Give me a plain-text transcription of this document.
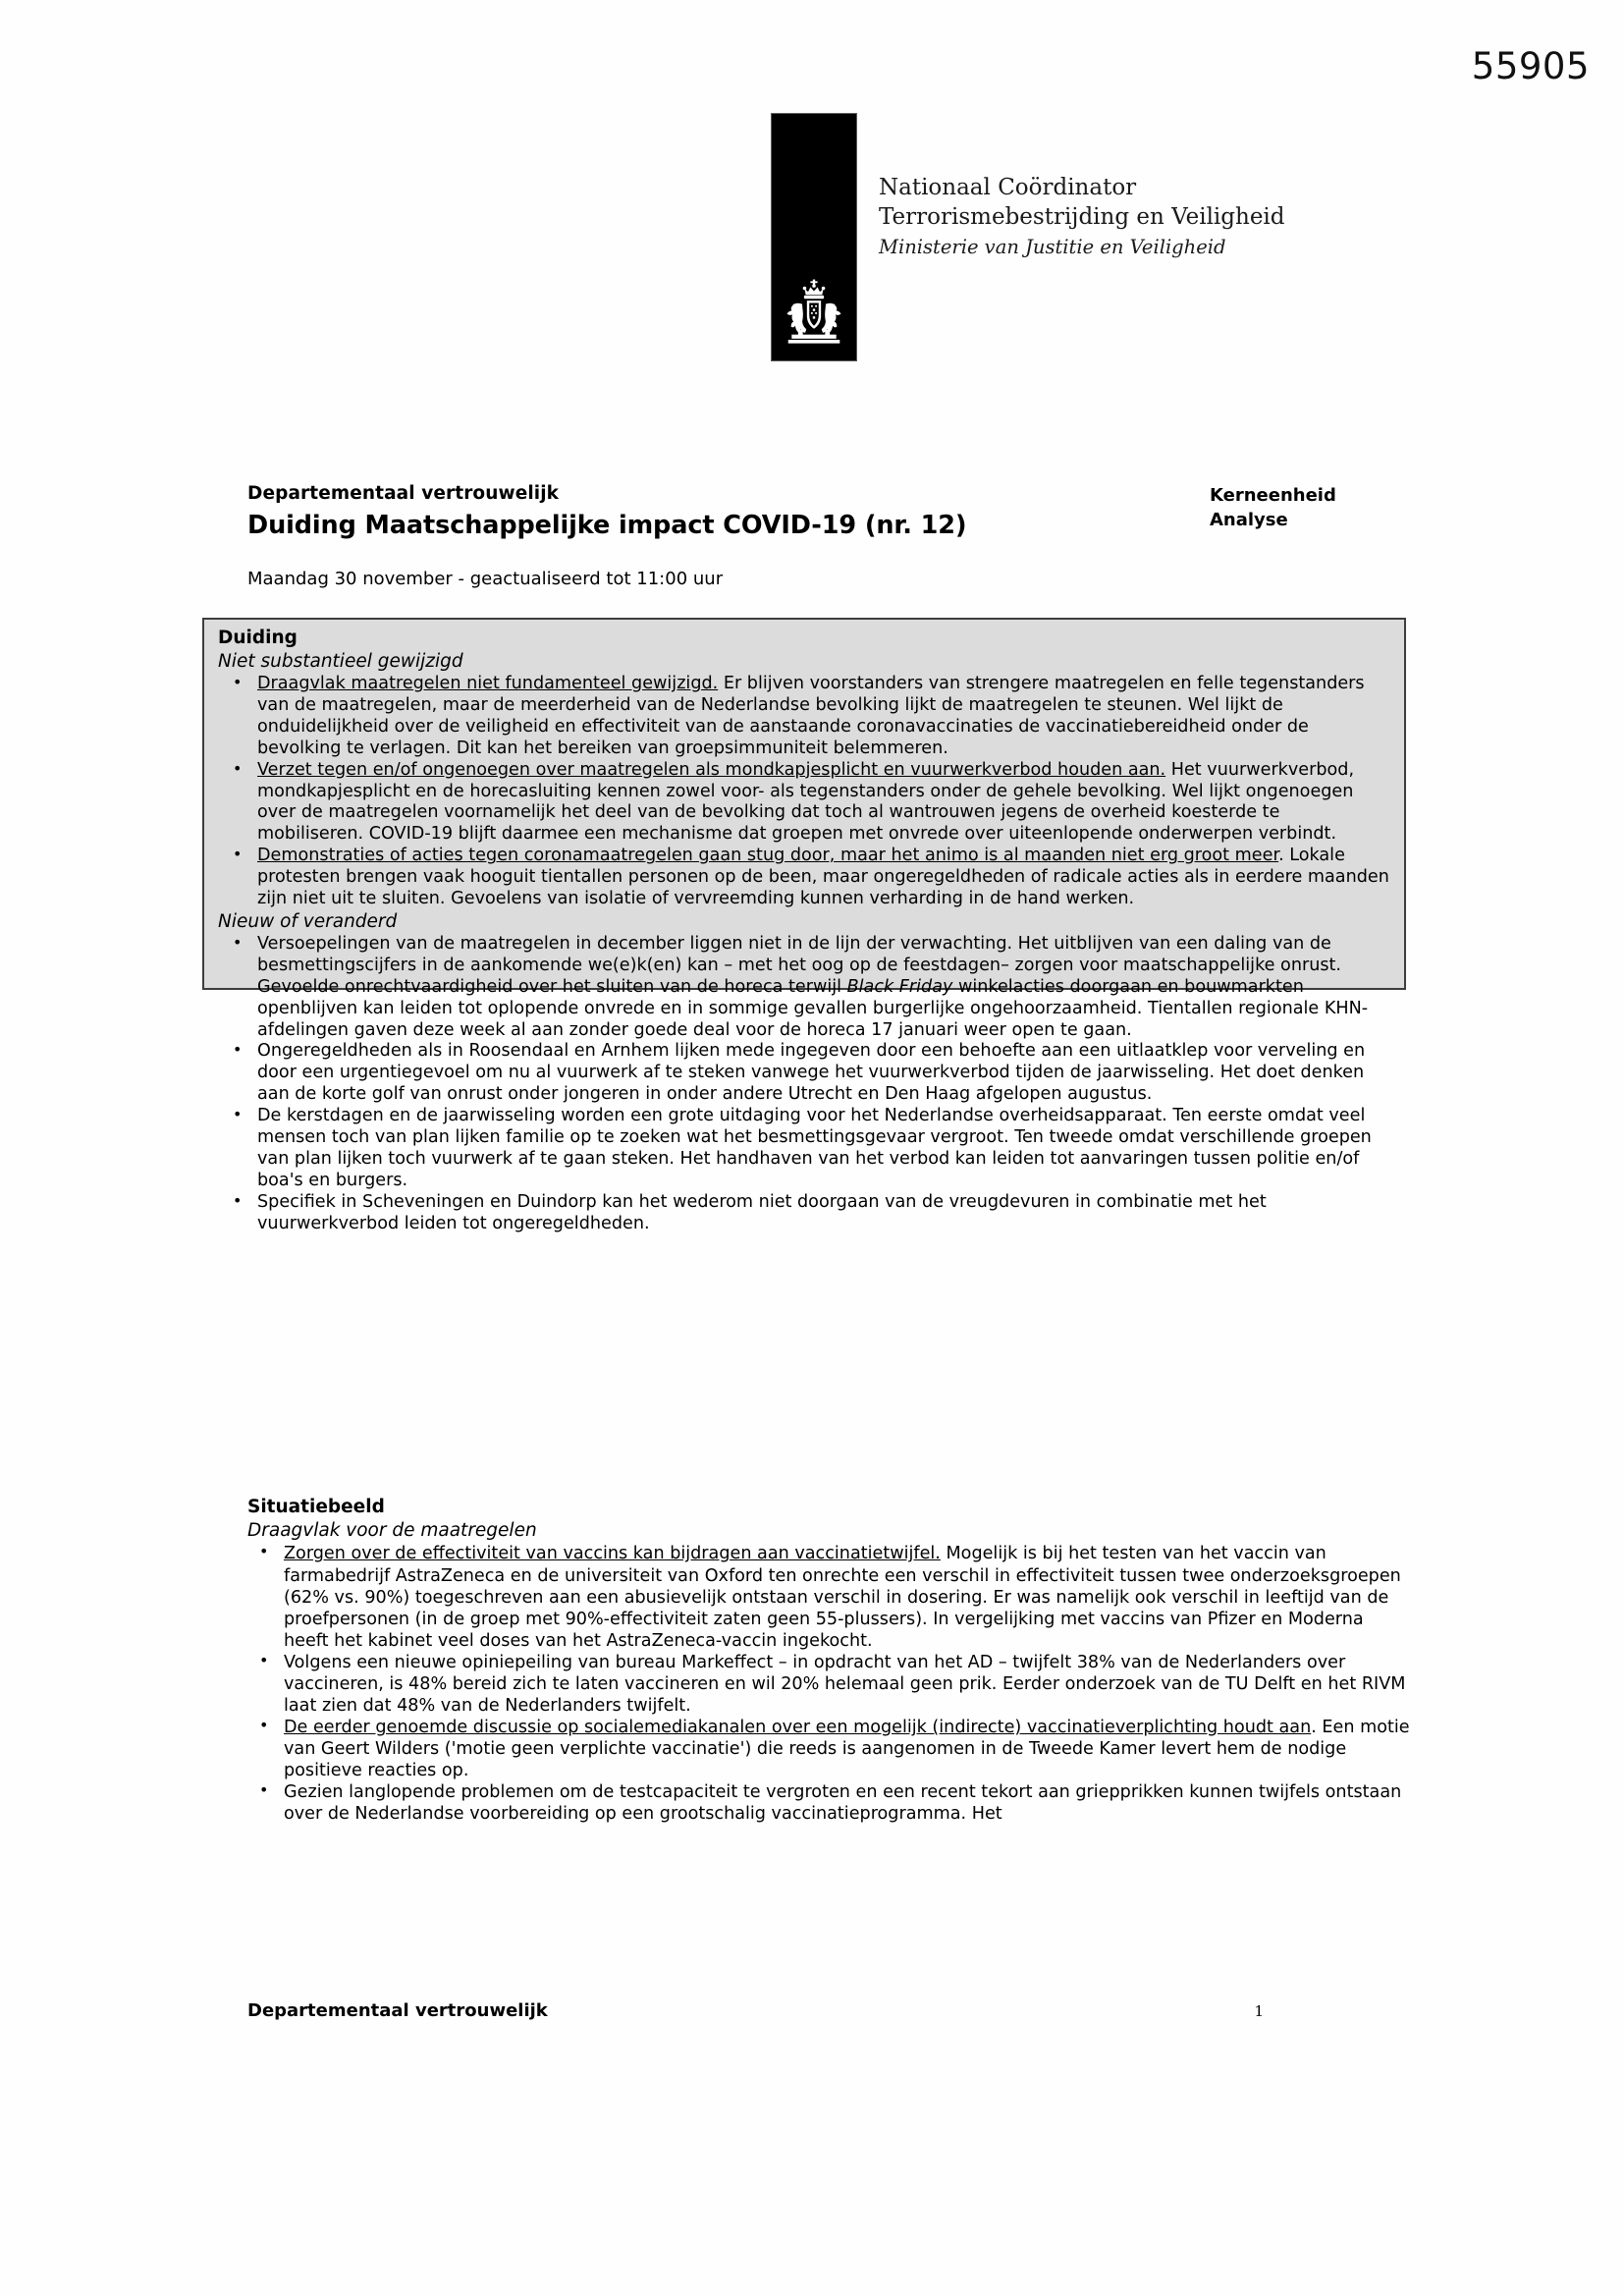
55905
Nationaal Coördinator
Terrorismebestrijding en Veiligheid
Ministerie van Justitie en Veiligheid
Departementaal vertrouwelijk
Duiding Maatschappelijke impact COVID-19 (nr. 12)
Maandag 30 november - geactualiseerd tot 11:00 uur
Kerneenheid
Analyse
Duiding
Niet substantieel gewijzigd
• Draagvlak maatregelen niet fundamenteel gewijzigd. Er blijven voorstanders van strengere maatregelen en felle tegenstanders van de maatregelen, maar de meerderheid van de Nederlandse bevolking lijkt de maatregelen te steunen. Wel lijkt de onduidelijkheid over de veiligheid en effectiviteit van de aanstaande coronavaccinaties de vaccinatiebereidheid onder de bevolking te verlagen. Dit kan het bereiken van groepsimmuniteit belemmeren.
• Verzet tegen en/of ongenoegen over maatregelen als mondkapjesplicht en vuurwerkverbod houden aan. Het vuurwerkverbod, mondkapjesplicht en de horecasluiting kennen zowel voor- als tegenstanders onder de gehele bevolking. Wel lijkt ongenoegen over de maatregelen voornamelijk het deel van de bevolking dat toch al wantrouwen jegens de overheid koesterde te mobiliseren. COVID-19 blijft daarmee een mechanisme dat groepen met onvrede over uiteenlopende onderwerpen verbindt.
• Demonstraties of acties tegen coronamaatregelen gaan stug door, maar het animo is al maanden niet erg groot meer. Lokale protesten brengen vaak hooguit tientallen personen op de been, maar ongeregeldheden of radicale acties als in eerdere maanden zijn niet uit te sluiten. Gevoelens van isolatie of vervreemding kunnen verharding in de hand werken.
Nieuw of veranderd
• Versoepelingen van de maatregelen in december liggen niet in de lijn der verwachting. Het uitblijven van een daling van de besmettingscijfers in de aankomende we(e)k(en) kan – met het oog op de feestdagen– zorgen voor maatschappelijke onrust. Gevoelde onrechtvaardigheid over het sluiten van de horeca terwijl Black Friday winkelacties doorgaan en bouwmarkten openblijven kan leiden tot oplopende onvrede en in sommige gevallen burgerlijke ongehoorzaamheid. Tientallen regionale KHN-afdelingen gaven deze week al aan zonder goede deal voor de horeca 17 januari weer open te gaan.
• Ongeregeldheden als in Roosendaal en Arnhem lijken mede ingegeven door een behoefte aan een uitlaatklep voor verveling en door een urgentiegevoel om nu al vuurwerk af te steken vanwege het vuurwerkverbod tijden de jaarwisseling. Het doet denken aan de korte golf van onrust onder jongeren in onder andere Utrecht en Den Haag afgelopen augustus.
• De kerstdagen en de jaarwisseling worden een grote uitdaging voor het Nederlandse overheidsapparaat. Ten eerste omdat veel mensen toch van plan lijken familie op te zoeken wat het besmettingsgevaar vergroot. Ten tweede omdat verschillende groepen van plan lijken toch vuurwerk af te gaan steken. Het handhaven van het verbod kan leiden tot aanvaringen tussen politie en/of boa's en burgers.
• Specifiek in Scheveningen en Duindorp kan het wederom niet doorgaan van de vreugdevuren in combinatie met het vuurwerkverbod leiden tot ongeregeldheden.
Situatiebeeld
Draagvlak voor de maatregelen
• Zorgen over de effectiviteit van vaccins kan bijdragen aan vaccinatietwijfel. Mogelijk is bij het testen van het vaccin van farmabedrijf AstraZeneca en de universiteit van Oxford ten onrechte een verschil in effectiviteit tussen twee onderzoeksgroepen (62% vs. 90%) toegeschreven aan een abusievelijk ontstaan verschil in dosering. Er was namelijk ook verschil in leeftijd van de proefpersonen (in de groep met 90%-effectiviteit zaten geen 55-plussers). In vergelijking met vaccins van Pfizer en Moderna heeft het kabinet veel doses van het AstraZeneca-vaccin ingekocht.
• Volgens een nieuwe opiniepeiling van bureau Markeffect – in opdracht van het AD – twijfelt 38% van de Nederlanders over vaccineren, is 48% bereid zich te laten vaccineren en wil 20% helemaal geen prik. Eerder onderzoek van de TU Delft en het RIVM laat zien dat 48% van de Nederlanders twijfelt.
• De eerder genoemde discussie op socialemediakanalen over een mogelijk (indirecte) vaccinatieverplichting houdt aan. Een motie van Geert Wilders ('motie geen verplichte vaccinatie') die reeds is aangenomen in de Tweede Kamer levert hem de nodige positieve reacties op.
• Gezien langlopende problemen om de testcapaciteit te vergroten en een recent tekort aan griepprikken kunnen twijfels ontstaan over de Nederlandse voorbereiding op een grootschalig vaccinatieprogramma. Het
Departementaal vertrouwelijk	1
